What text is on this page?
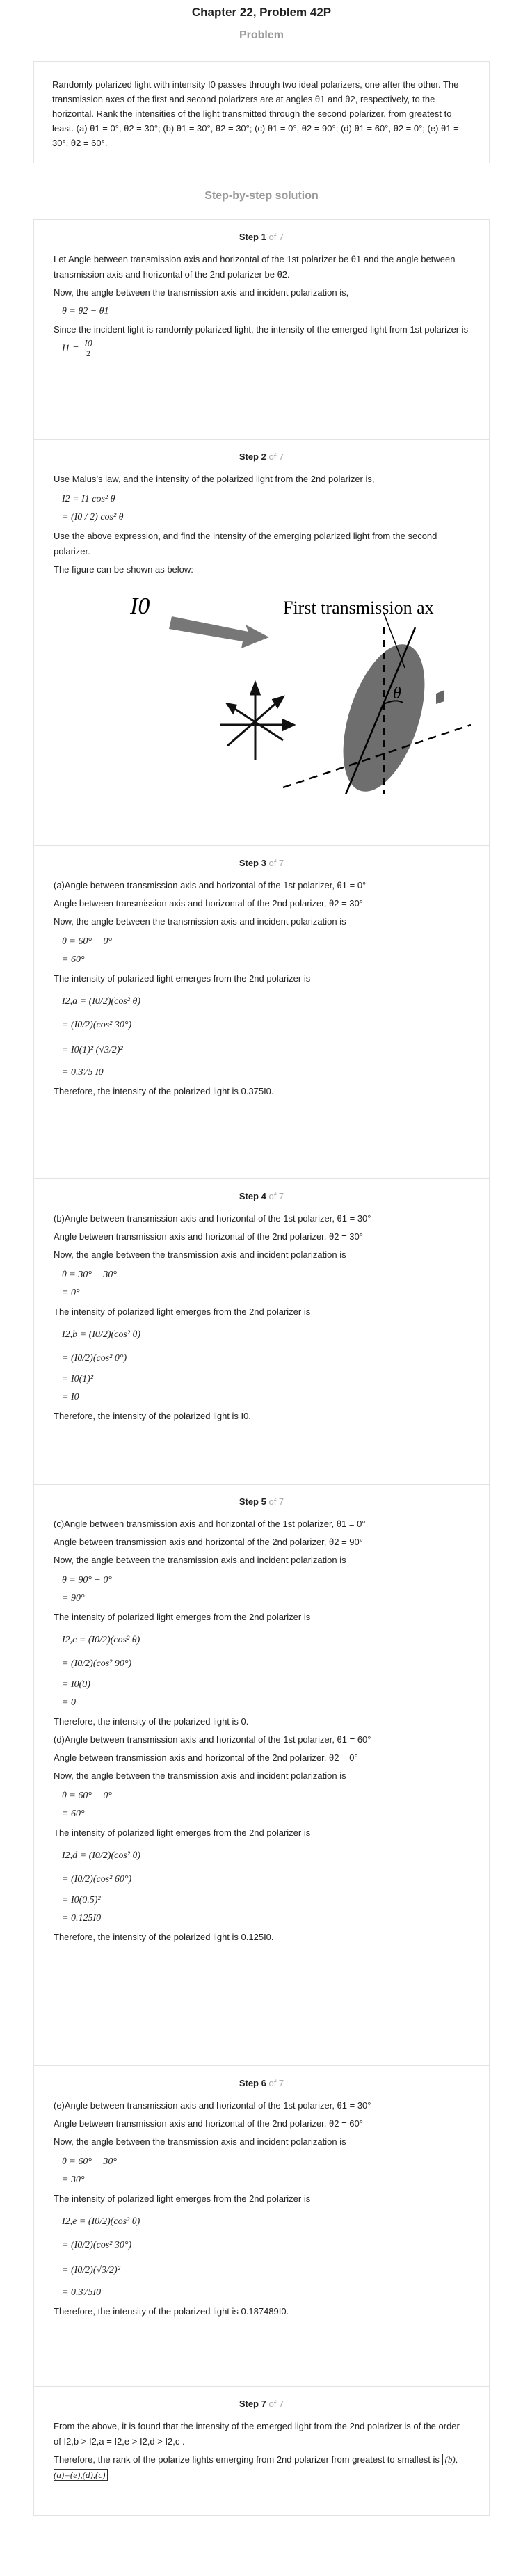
Chapter 22, Problem 42P
Problem
Randomly polarized light with intensity I0 passes through two ideal polarizers, one after the other. The transmission axes of the first and second polarizers are at angles θ1 and θ2, respectively, to the horizontal. Rank the intensities of the light transmitted through the second polarizer, from greatest to least. (a) θ1 = 0°, θ2 = 30°; (b) θ1 = 30°, θ2 = 30°; (c) θ1 = 0°, θ2 = 90°; (d) θ1 = 60°, θ2 = 0°; (e) θ1 = 30°, θ2 = 60°.
Step-by-step solution
Step 1 of 7

Let Angle between transmission axis and horizontal of the 1st polarizer be θ1 and the angle between transmission axis and horizontal of the 2nd polarizer be θ2.

Now, the angle between the transmission axis and incident polarization is,

θ = θ2 − θ1

Since the incident light is randomly polarized light, the intensity of the emerged light from 1st polarizer is

$I1 = \frac{I0}{2}$
Step 2 of 7

Use Malus’s law, and the intensity of the polarized light from the 2nd polarizer is,

I2 = I1 cos² θ
= (I0 / 2) cos² θ

Use the above expression, and find the intensity of the emerging polarized light from the second polarizer.

The figure can be shown as below:

I0
θ
First transmission ax
Step 3 of 7

(a)Angle between transmission axis and horizontal of the 1st polarizer, θ1 = 0°

Angle between transmission axis and horizontal of the 2nd polarizer, θ2 = 30°

Now, the angle between the transmission axis and incident polarization is

θ = 60° − 0°
= 60°

The intensity of polarized light emerges from the 2nd polarizer is

I2,a = (I0/2)(cos² θ)
= (I0/2)(cos² 30°)
= I0(1)² (√3/2)²
= 0.375 I0

Therefore, the intensity of the polarized light is 0.375I0.

Step 4 of 7

(b)Angle between transmission axis and horizontal of the 1st polarizer, θ1 = 30°

Angle between transmission axis and horizontal of the 2nd polarizer, θ2 = 30°

Now, the angle between the transmission axis and incident polarization is

θ = 30° − 30°
= 0°

The intensity of polarized light emerges from the 2nd polarizer is

I2,b = (I0/2)(cos² θ)
= (I0/2)(cos² 0°)
= I0(1)²
= I0

Therefore, the intensity of the polarized light is I0.

Step 5 of 7

(c)Angle between transmission axis and horizontal of the 1st polarizer, θ1 = 0°

Angle between transmission axis and horizontal of the 2nd polarizer, θ2 = 90°

Now, the angle between the transmission axis and incident polarization is

θ = 90° − 0°
= 90°

The intensity of polarized light emerges from the 2nd polarizer is

I2,c = (I0/2)(cos² θ)
= (I0/2)(cos² 90°)
= I0(0)
= 0

Therefore, the intensity of the polarized light is 0.

(d)Angle between transmission axis and horizontal of the 1st polarizer, θ1 = 60°

Angle between transmission axis and horizontal of the 2nd polarizer, θ2 = 0°

Now, the angle between the transmission axis and incident polarization is

θ = 60° − 0°
= 60°

The intensity of polarized light emerges from the 2nd polarizer is

I2,d = (I0/2)(cos² θ)
= (I0/2)(cos² 60°)
= I0(0.5)²
= 0.125I0

Therefore, the intensity of the polarized light is 0.125I0.

Step 6 of 7

(e)Angle between transmission axis and horizontal of the 1st polarizer, θ1 = 30°

Angle between transmission axis and horizontal of the 2nd polarizer, θ2 = 60°

Now, the angle between the transmission axis and incident polarization is

θ = 60° − 30°
= 30°

The intensity of polarized light emerges from the 2nd polarizer is

I2,e = (I0/2)(cos² θ)
= (I0/2)(cos² 30°)
= (I0/2)(√3/2)²
= 0.375I0

Therefore, the intensity of the polarized light is 0.187489I0.

Step 7 of 7

From the above, it is found that the intensity of the emerged light from the 2nd polarizer is of the order of I2,b > I2,a = I2,e > I2,d > I2,c .

Therefore, the rank of the polarize lights emerging from 2nd polarizer from greatest to smallest is (b),(a)=(e),(d),(c)
